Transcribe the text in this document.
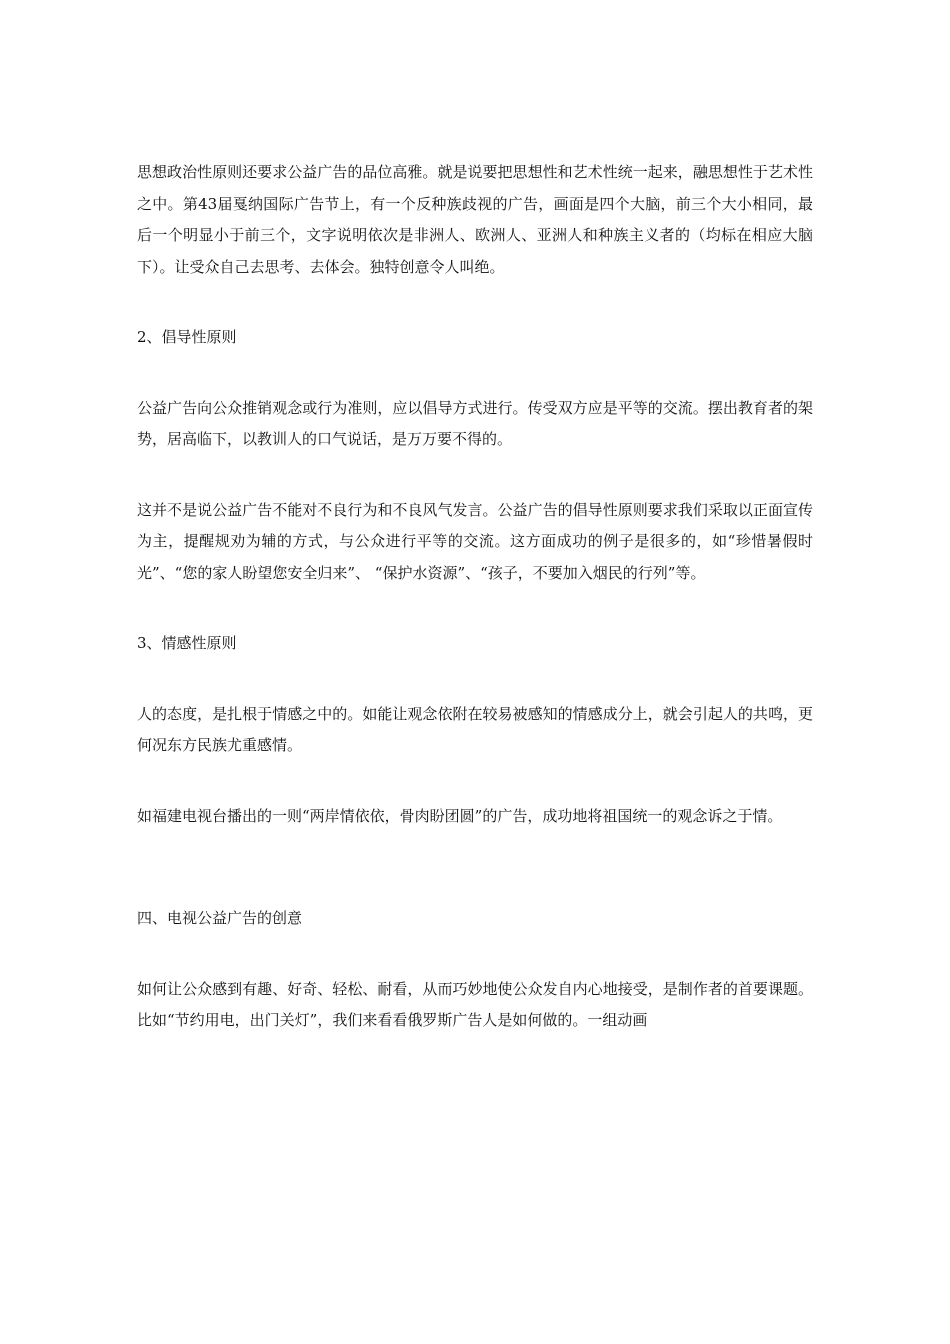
思想政治性原则还要求公益广告的品位高雅。就是说要把思想性和艺术性统一起来，融思想性于艺术性之中。第43届戛纳国际广告节上，有一个反种族歧视的广告，画面是四个大脑，前三个大小相同，最后一个明显小于前三个，文字说明依次是非洲人、欧洲人、亚洲人和种族主义者的（均标在相应大脑下）。让受众自己去思考、去体会。独特创意令人叫绝。

2、倡导性原则

公益广告向公众推销观念或行为准则，应以倡导方式进行。传受双方应是平等的交流。摆出教育者的架势，居高临下，以教训人的口气说话，是万万要不得的。

这并不是说公益广告不能对不良行为和不良风气发言。公益广告的倡导性原则要求我们采取以正面宣传为主，提醒规劝为辅的方式，与公众进行平等的交流。这方面成功的例子是很多的，如“珍惜暑假时光”、“您的家人盼望您安全归来”、 “保护水资源”、“孩子，不要加入烟民的行列”等。

3、情感性原则

人的态度，是扎根于情感之中的。如能让观念依附在较易被感知的情感成分上，就会引起人的共鸣，更何况东方民族尤重感情。

如福建电视台播出的一则“两岸情依依，骨肉盼团圆”的广告，成功地将祖国统一的观念诉之于情。

四、电视公益广告的创意

如何让公众感到有趣、好奇、轻松、耐看，从而巧妙地使公众发自内心地接受，是制作者的首要课题。比如“节约用电，出门关灯”，我们来看看俄罗斯广告人是如何做的。一组动画
